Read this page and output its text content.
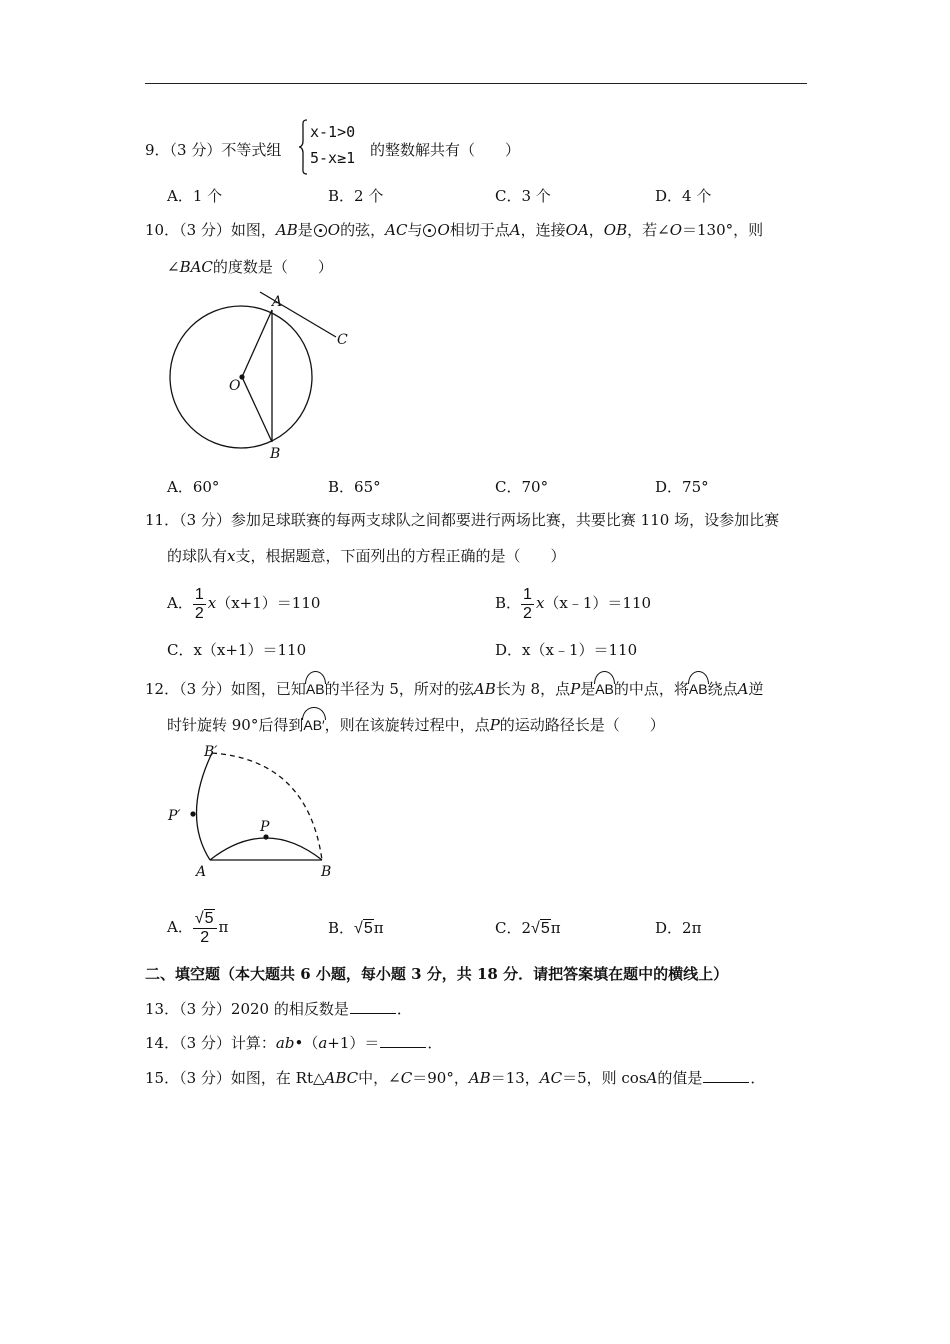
9．（3 分）不等式组
x-1>0
5-x≥1 的整数解共有（　　）
A．1 个	B．2 个	C．3 个	D．4 个
10．（3 分）如图，AB是 O的弦，AC与 O相切于点A，连接OA，OB，若∠O＝130°，则
∠BAC的度数是（　　）
A
C
O
B
A．60°	B．65°	C．70°	D．75°
11．（3 分）参加足球联赛的每两支球队之间都要进行两场比赛，共要比赛 110 场，设参加比赛
的球队有x支，根据题意，下面列出的方程正确的是（　　）
A． $\frac{1}{2} x(x+1)=110$	B． $\frac{1}{2}$ x（x﹣1）＝110
C．x（x+1）＝110	D．x（x﹣1）＝110
12．（3 分）如图，已知AB的半径为 5，所对的弦AB长为 8，点P是AB的中点，将AB绕点A逆
时针旋转 90°后得到AB′，则在该旋转过程中，点P的运动路径长是（　　）
B′
P′
P
A	B
A． $\frac{√5}{2}$ π	B．√5π	C．2√5π	D．2π
二、填空题（本大题共 6 小题，每小题 3 分，共 18 分．请把答案填在题中的横线上）
13．（3 分）2020 的相反数是	．
14．（3 分）计算：ab•（a+1）＝	．
15．（3 分）如图，在 Rt△ABC中，∠C＝90°，AB＝13，AC＝5，则 cosA的值是	．
